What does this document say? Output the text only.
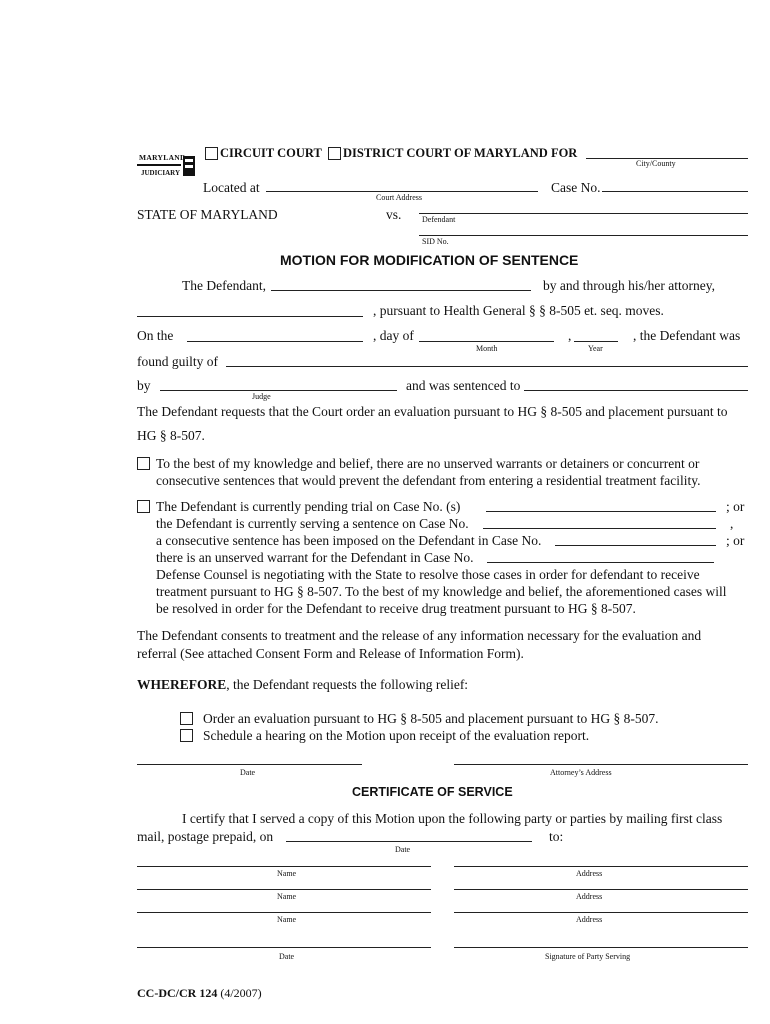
MARYLAND
JUDICIARY
CIRCUIT COURT DISTRICT COURT OF MARYLAND FOR
City/County
Located at
Court Address
Case No.
STATE OF MARYLAND	vs.	Defendant
SID No.
MOTION FOR MODIFICATION OF SENTENCE
The Defendant,	by and through his/her attorney,
, pursuant to Health General § § 8-505 et. seq. moves.
On the	, day of
Month
,
Year
, the Defendant was
found guilty of
by
Judge
and was sentenced to
The Defendant requests that the Court order an evaluation pursuant to HG § 8-505 and placement pursuant to
HG § 8-507.
To the best of my knowledge and belief, there are no unserved warrants or detainers or concurrent or
consecutive sentences that would prevent the defendant from entering a residential treatment facility.
The Defendant is currently pending trial on Case No. (s)	; or
the Defendant is currently serving a sentence on Case No.	,
a consecutive sentence has been imposed on the Defendant in Case No.	; or
there is an unserved warrant for the Defendant in Case No.
Defense Counsel is negotiating with the State to resolve those cases in order for defendant to receive
treatment pursuant to HG § 8-507. To the best of my knowledge and belief, the aforementioned cases will
be resolved in order for the Defendant to receive drug treatment pursuant to HG § 8-507.
The Defendant consents to treatment and the release of any information necessary for the evaluation and
referral (See attached Consent Form and Release of Information Form).
WHEREFORE, the Defendant requests the following relief:
Order an evaluation pursuant to HG § 8-505 and placement pursuant to HG § 8-507.
Schedule a hearing on the Motion upon receipt of the evaluation report.
Date	Attorney’s Address
CERTIFICATE OF SERVICE
I certify that I served a copy of this Motion upon the following party or parties by mailing first class
mail, postage prepaid, on
Date
to:
Name	Address
Name	Address
Name	Address
Date	Signature of Party Serving
CC-DC/CR 124 (4/2007)
